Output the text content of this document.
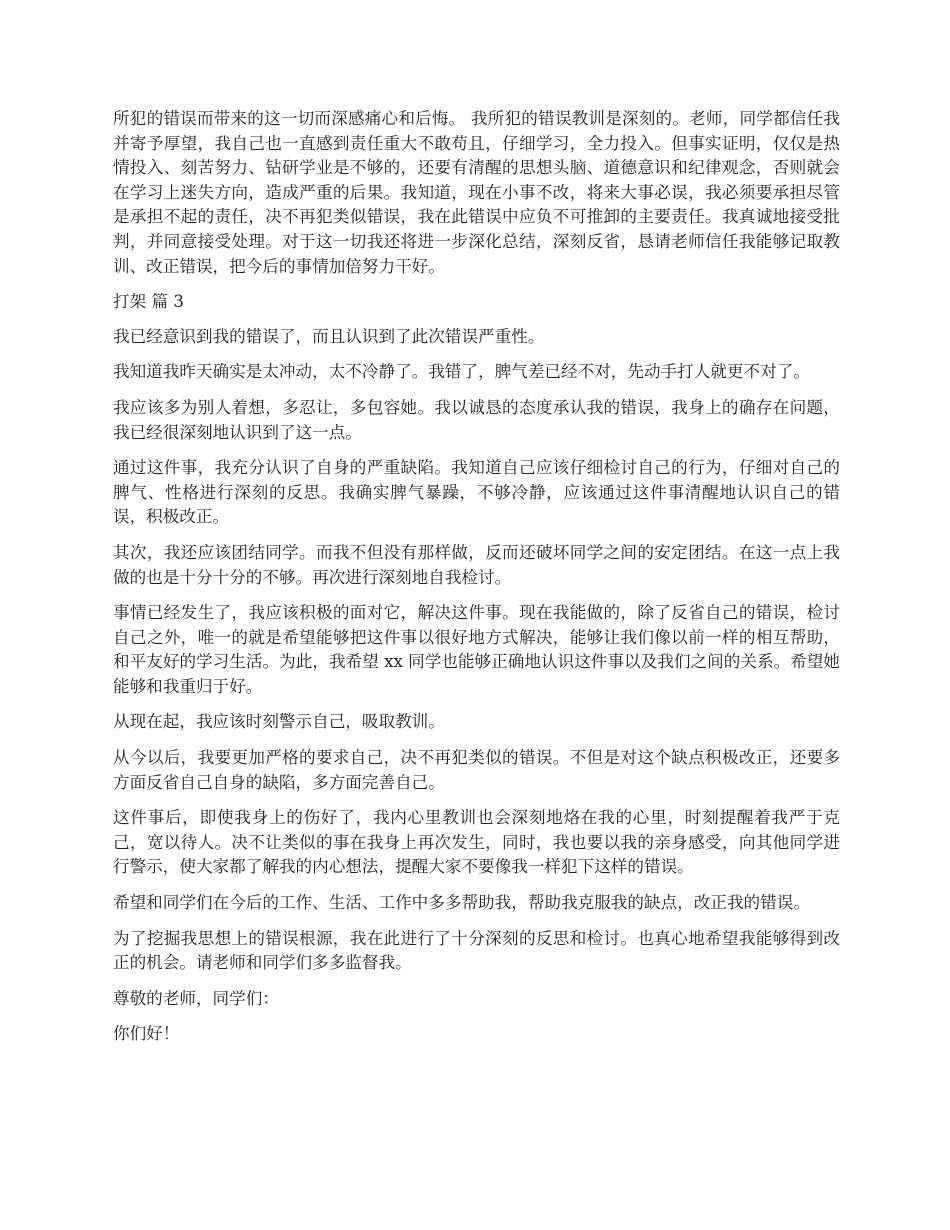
所犯的错误而带来的这一切而深感痛心和后悔。 我所犯的错误教训是深刻的。老师，同学都信任我并寄予厚望，我自己也一直感到责任重大不敢苟且，仔细学习，全力投入。但事实证明，仅仅是热情投入、刻苦努力、钻研学业是不够的，还要有清醒的思想头脑、道德意识和纪律观念，否则就会在学习上迷失方向，造成严重的后果。我知道，现在小事不改，将来大事必误，我必须要承担尽管是承担不起的责任，决不再犯类似错误，我在此错误中应负不可推卸的主要责任。我真诚地接受批判，并同意接受处理。对于这一切我还将进一步深化总结，深刻反省，恳请老师信任我能够记取教训、改正错误，把今后的事情加倍努力干好。

打架 篇 3

我已经意识到我的错误了，而且认识到了此次错误严重性。

我知道我昨天确实是太冲动，太不冷静了。我错了，脾气差已经不对，先动手打人就更不对了。

我应该多为别人着想，多忍让，多包容她。我以诚恳的态度承认我的错误，我身上的确存在问题，我已经很深刻地认识到了这一点。

通过这件事，我充分认识了自身的严重缺陷。我知道自己应该仔细检讨自己的行为，仔细对自己的脾气、性格进行深刻的反思。我确实脾气暴躁，不够冷静，应该通过这件事清醒地认识自己的错误，积极改正。

其次，我还应该团结同学。而我不但没有那样做，反而还破坏同学之间的安定团结。在这一点上我做的也是十分十分的不够。再次进行深刻地自我检讨。

事情已经发生了，我应该积极的面对它，解决这件事。现在我能做的，除了反省自己的错误，检讨自己之外，唯一的就是希望能够把这件事以很好地方式解决，能够让我们像以前一样的相互帮助，和平友好的学习生活。为此，我希望 xx 同学也能够正确地认识这件事以及我们之间的关系。希望她能够和我重归于好。

从现在起，我应该时刻警示自己，吸取教训。

从今以后，我要更加严格的要求自己，决不再犯类似的错误。不但是对这个缺点积极改正，还要多方面反省自己自身的缺陷，多方面完善自己。

这件事后，即使我身上的伤好了，我内心里教训也会深刻地烙在我的心里，时刻提醒着我严于克己，宽以待人。决不让类似的事在我身上再次发生，同时，我也要以我的亲身感受，向其他同学进行警示，使大家都了解我的内心想法，提醒大家不要像我一样犯下这样的错误。

希望和同学们在今后的工作、生活、工作中多多帮助我，帮助我克服我的缺点，改正我的错误。

为了挖掘我思想上的错误根源，我在此进行了十分深刻的反思和检讨。也真心地希望我能够得到改正的机会。请老师和同学们多多监督我。

尊敬的老师，同学们：

你们好！
